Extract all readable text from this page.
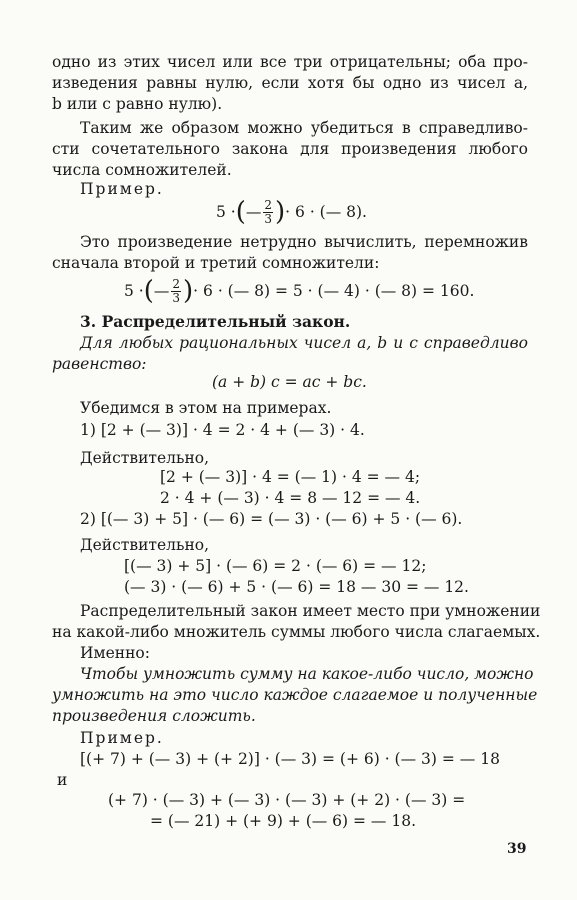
одно из этих чисел или все три отрицательны; оба про-

изведения равны нулю, если хотя бы одно из чисел a,

b или c равно нулю).

Таким же образом можно убедиться в справедливо-

сти сочетательного закона для произведения любого

числа сомножителей.

Пример.

5 · ( — $\frac{2}{3}$ ) · 6 · (— 8).

Это произведение нетрудно вычислить, перемножив

сначала второй и третий сомножители:

5 · ( — $\frac{2}{3}$ ) · 6 · (— 8) = 5 · (— 4) · (— 8) = 160.

3. Распределительный закон.

Для любых рациональных чисел a, b и c справедливо

равенство:

(a + b) c = ac + bc.

Убедимся в этом на примерах.

1) [2 + (— 3)] · 4 = 2 · 4 + (— 3) · 4.

Действительно,

[2 + (— 3)] · 4 = (— 1) · 4 = — 4;

2 · 4 + (— 3) · 4 = 8 — 12 = — 4.

2) [(— 3) + 5] · (— 6) = (— 3) · (— 6) + 5 · (— 6).

Действительно,

[(— 3) + 5] · (— 6) = 2 · (— 6) = — 12;

(— 3) · (— 6) + 5 · (— 6) = 18 — 30 = — 12.

Распределительный закон имеет место при умножении

на какой-либо множитель суммы любого числа слагаемых.

Именно:

Чтобы умножить сумму на какое-либо число, можно

умножить на это число каждое слагаемое и полученные

произведения сложить.

Пример.

[(+ 7) + (— 3) + (+ 2)] · (— 3) = (+ 6) · (— 3) = — 18

и

(+ 7) · (— 3) + (— 3) · (— 3) + (+ 2) · (— 3) =

= (— 21) + (+ 9) + (— 6) = — 18.

39
